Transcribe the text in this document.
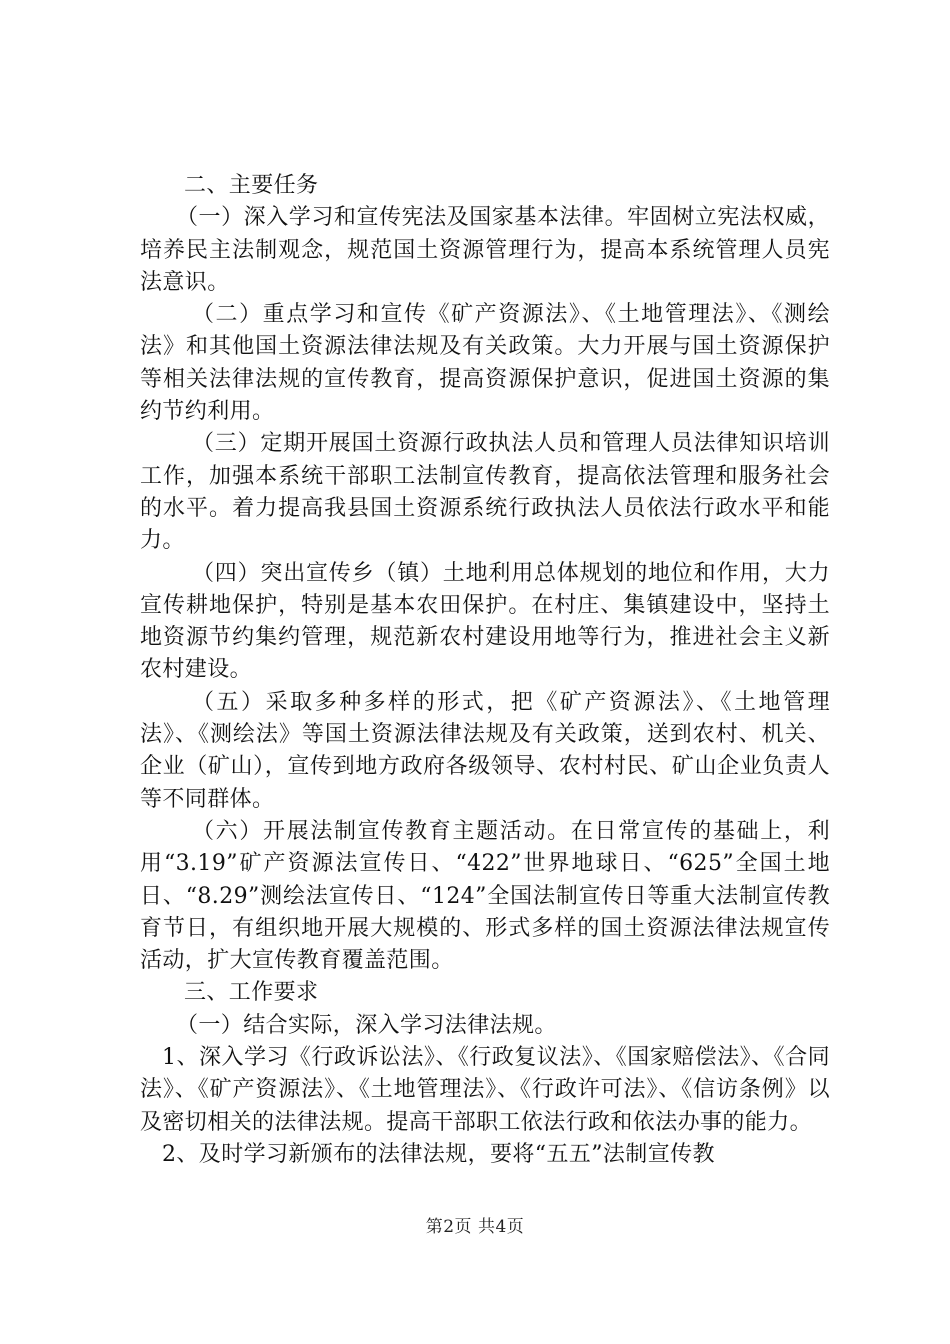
二、主要任务

（一）深入学习和宣传宪法及国家基本法律。牢固树立宪法权威，培养民主法制观念，规范国土资源管理行为，提高本系统管理人员宪法意识。

（二）重点学习和宣传《矿产资源法》、《土地管理法》、《测绘法》和其他国土资源法律法规及有关政策。大力开展与国土资源保护等相关法律法规的宣传教育，提高资源保护意识，促进国土资源的集约节约利用。

（三）定期开展国土资源行政执法人员和管理人员法律知识培训工作，加强本系统干部职工法制宣传教育，提高依法管理和服务社会的水平。着力提高我县国土资源系统行政执法人员依法行政水平和能力。

（四）突出宣传乡（镇）土地利用总体规划的地位和作用，大力宣传耕地保护，特别是基本农田保护。在村庄、集镇建设中，坚持土地资源节约集约管理，规范新农村建设用地等行为，推进社会主义新农村建设。

（五）采取多种多样的形式，把《矿产资源法》、《土地管理法》、《测绘法》等国土资源法律法规及有关政策，送到农村、机关、企业（矿山），宣传到地方政府各级领导、农村村民、矿山企业负责人等不同群体。

（六）开展法制宣传教育主题活动。在日常宣传的基础上，利用“3.19”矿产资源法宣传日、“422”世界地球日、“625”全国土地日、“8.29”测绘法宣传日、“124”全国法制宣传日等重大法制宣传教育节日，有组织地开展大规模的、形式多样的国土资源法律法规宣传活动，扩大宣传教育覆盖范围。

三、工作要求

（一）结合实际，深入学习法律法规。

1、深入学习《行政诉讼法》、《行政复议法》、《国家赔偿法》、《合同法》、《矿产资源法》、《土地管理法》、《行政许可法》、《信访条例》以及密切相关的法律法规。提高干部职工依法行政和依法办事的能力。

2、及时学习新颁布的法律法规，要将“五五”法制宣传教

第2页 共4页
